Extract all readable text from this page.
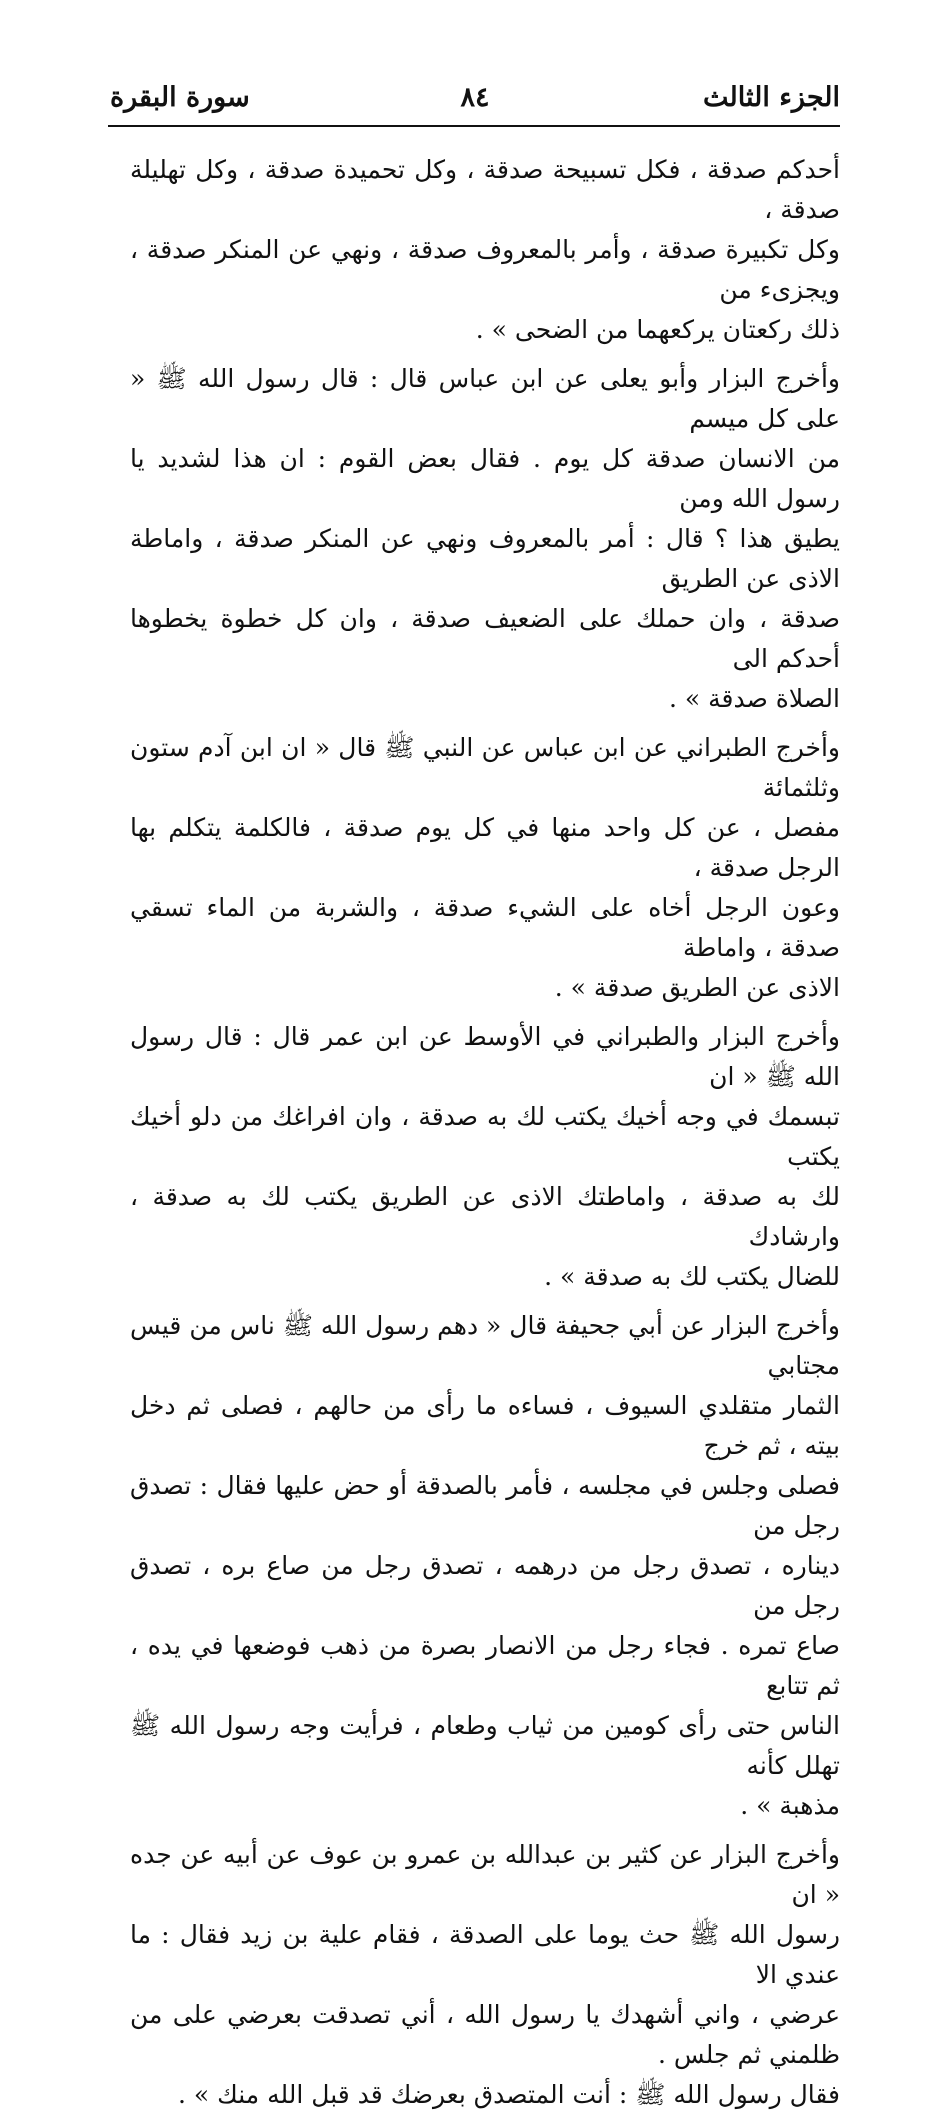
الجزء الثالث
٨٤
سورة البقرة

أحدكم صدقة ، فكل تسبيحة صدقة ، وكل تحميدة صدقة ، وكل تهليلة صدقة ،
وكل تكبيرة صدقة ، وأمر بالمعروف صدقة ، ونهي عن المنكر صدقة ، ويجزىء من
ذلك ركعتان يركعهما من الضحى » .

وأخرج البزار وأبو يعلى عن ابن عباس قال : قال رسول الله ﷺ « على كل ميسم
من الانسان صدقة كل يوم . فقال بعض القوم : ان هذا لشديد يا رسول الله ومن
يطيق هذا ؟ قال : أمر بالمعروف ونهي عن المنكر صدقة ، واماطة الاذى عن الطريق
صدقة ، وان حملك على الضعيف صدقة ، وان كل خطوة يخطوها أحدكم الى
الصلاة صدقة » .

وأخرج الطبراني عن ابن عباس عن النبي ﷺ قال « ان ابن آدم ستون وثلثمائة
مفصل ، عن كل واحد منها في كل يوم صدقة ، فالكلمة يتكلم بها الرجل صدقة ،
وعون الرجل أخاه على الشيء صدقة ، والشربة من الماء تسقي صدقة ، واماطة
الاذى عن الطريق صدقة » .

وأخرج البزار والطبراني في الأوسط عن ابن عمر قال : قال رسول الله ﷺ « ان
تبسمك في وجه أخيك يكتب لك به صدقة ، وان افراغك من دلو أخيك يكتب
لك به صدقة ، واماطتك الاذى عن الطريق يكتب لك به صدقة ، وارشادك
للضال يكتب لك به صدقة » .

وأخرج البزار عن أبي جحيفة قال « دهم رسول الله ﷺ ناس من قيس مجتابي
الثمار متقلدي السيوف ، فساءه ما رأى من حالهم ، فصلى ثم دخل بيته ، ثم خرج
فصلى وجلس في مجلسه ، فأمر بالصدقة أو حض عليها فقال : تصدق رجل من
ديناره ، تصدق رجل من درهمه ، تصدق رجل من صاع بره ، تصدق رجل من
صاع تمره . فجاء رجل من الانصار بصرة من ذهب فوضعها في يده ، ثم تتابع
الناس حتى رأى كومين من ثياب وطعام ، فرأيت وجه رسول الله ﷺ تهلل كأنه
مذهبة » .

وأخرج البزار عن كثير بن عبدالله بن عمرو بن عوف عن أبيه عن جده « ان
رسول الله ﷺ حث يوما على الصدقة ، فقام علية بن زيد فقال : ما عندي الا
عرضي ، واني أشهدك يا رسول الله ، أني تصدقت بعرضي على من ظلمني ثم جلس .
فقال رسول الله ﷺ : أنت المتصدق بعرضك قد قبل الله منك » .
